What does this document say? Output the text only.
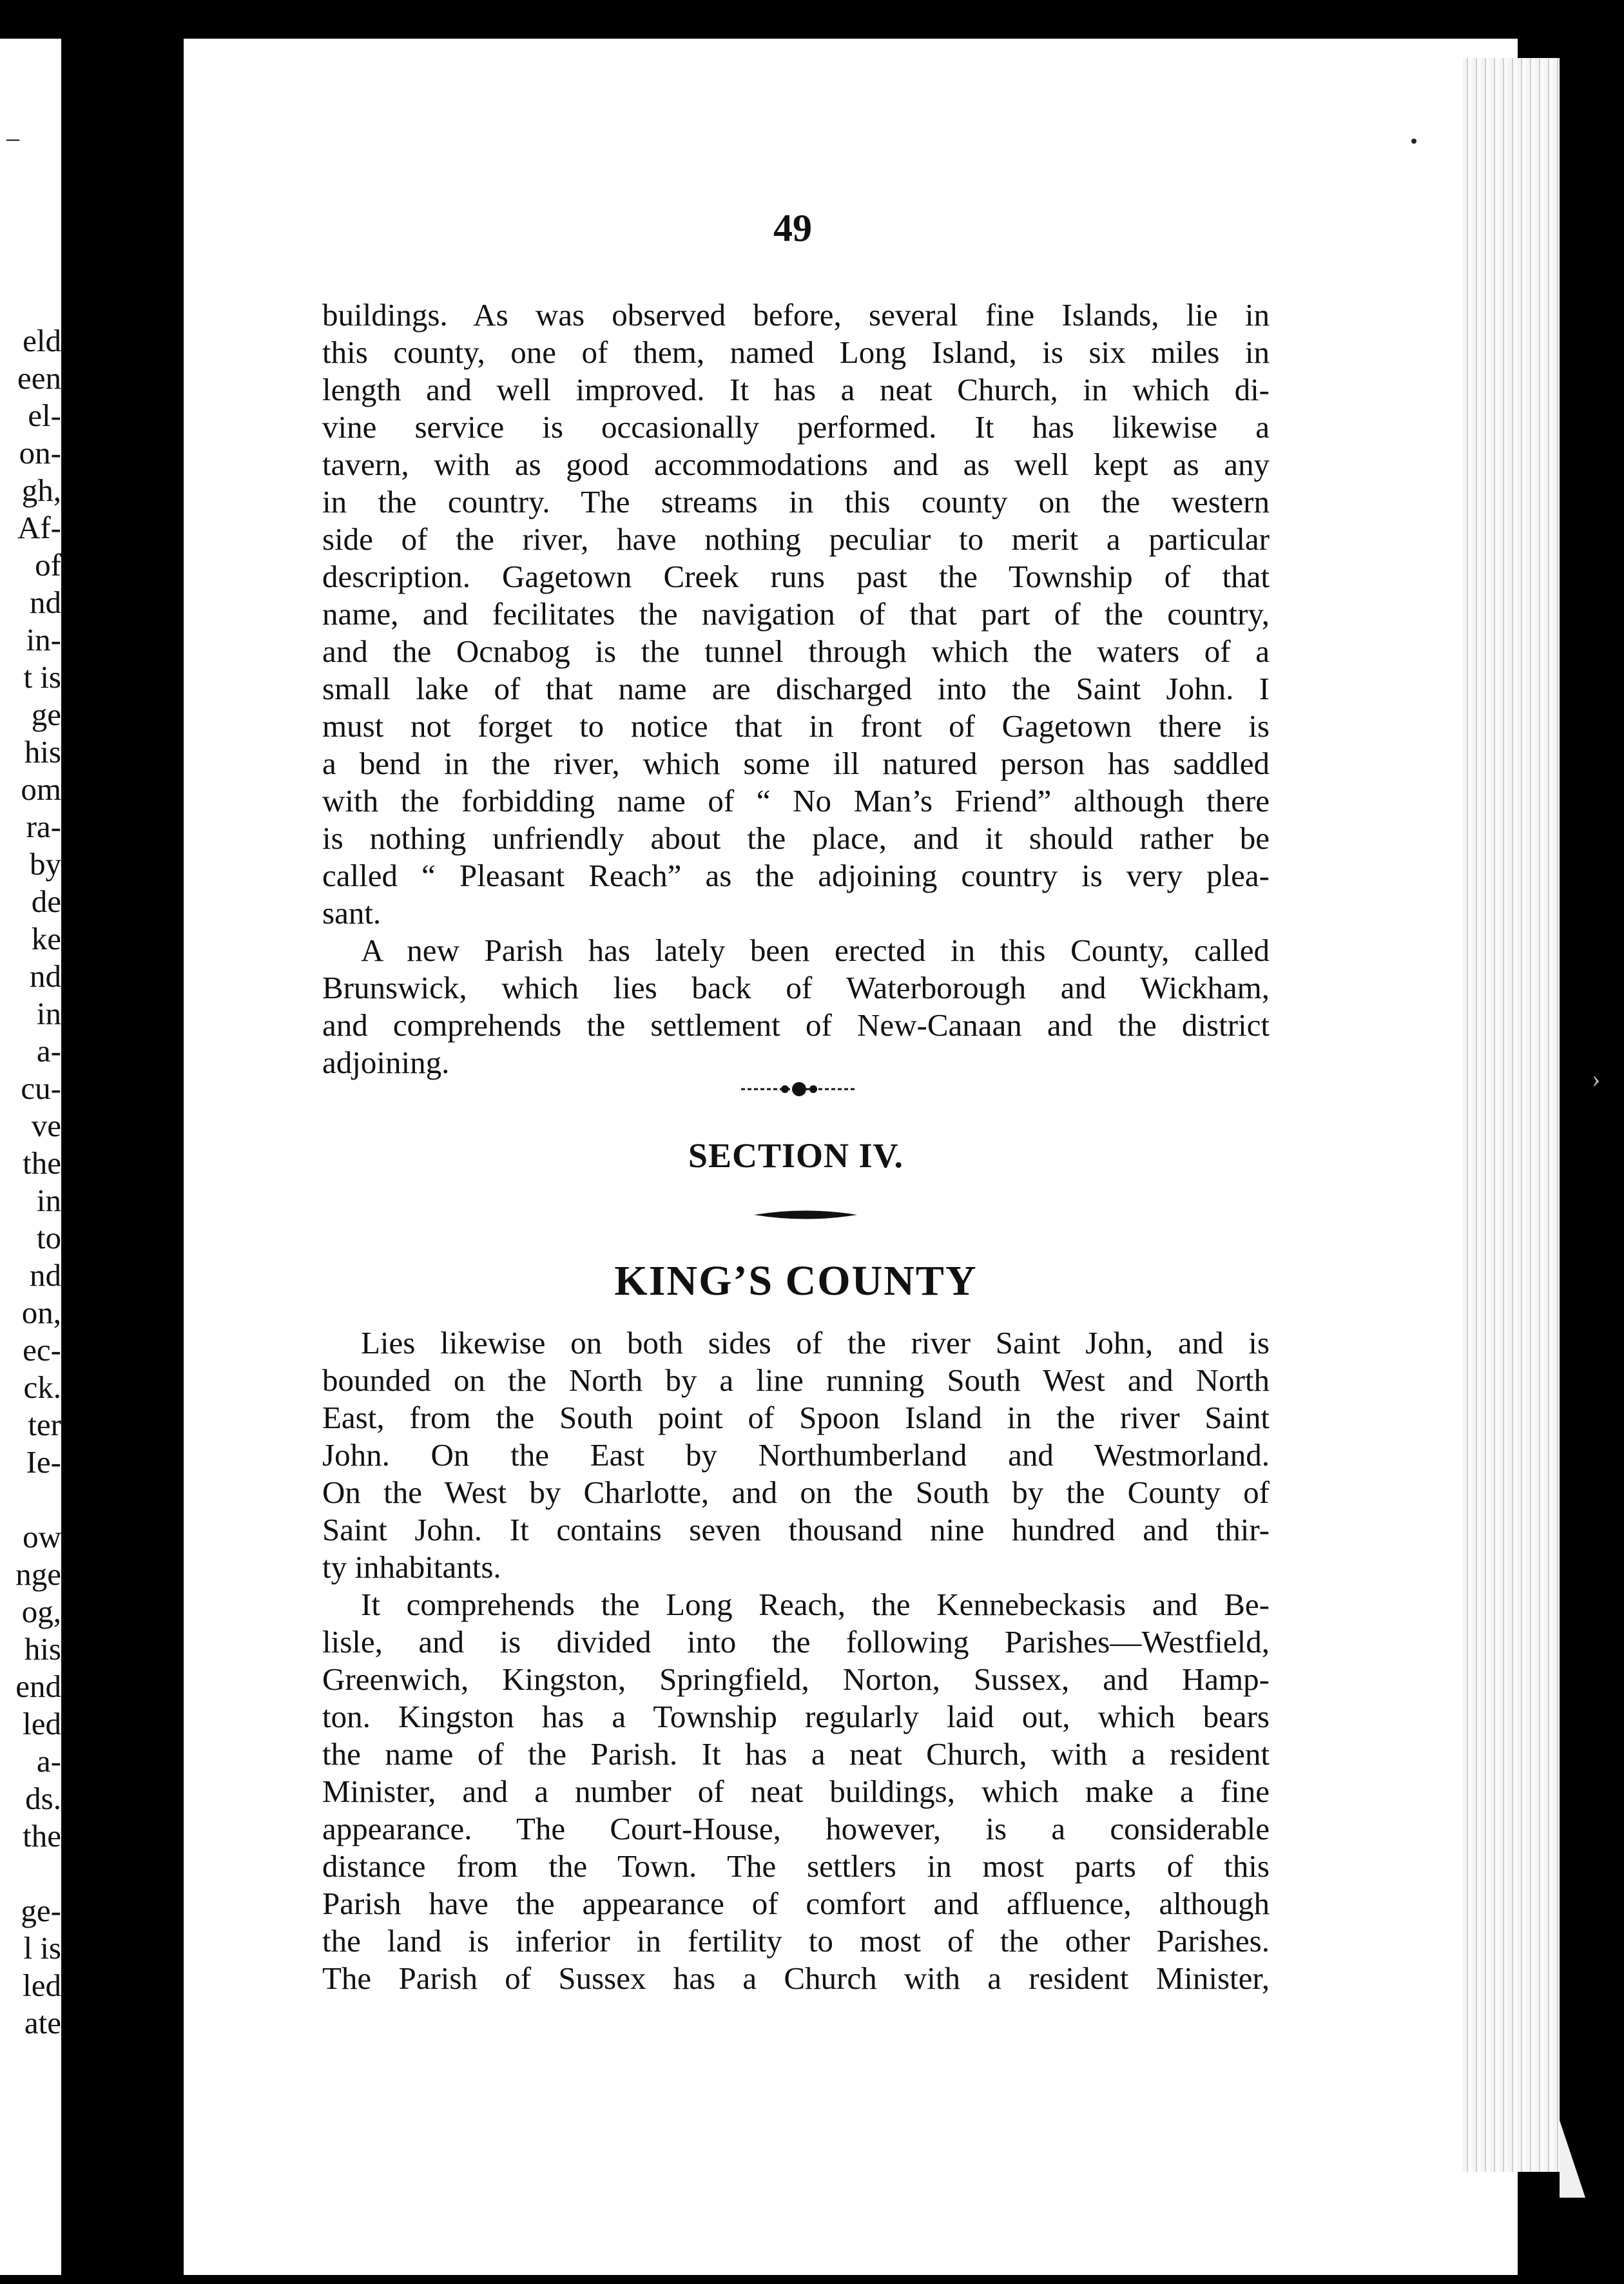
–
eld
een
el-
on-
gh,
Af-
of
nd
in-
t is
ge
his
om
ra-
by
de
ke
nd
in
a-
cu-
ve
the
in
to
nd
on,
ec-
ck.
ter
Ie-
ow
nge
og,
his
end
led
a-
ds.
the
ge-
l is
led
ate
›
49
buildings. As was observed before, several fine Islands, lie in
this county, one of them, named Long Island, is six miles in
length and well improved. It has a neat Church, in which di-
vine service is occasionally performed. It has likewise a
tavern, with as good accommodations and as well kept as any
in the country. The streams in this county on the western
side of the river, have nothing peculiar to merit a particular
description. Gagetown Creek runs past the Township of that
name, and fecilitates the navigation of that part of the country,
and the Ocnabog is the tunnel through which the waters of a
small lake of that name are discharged into the Saint John. I
must not forget to notice that in front of Gagetown there is
a bend in the river, which some ill natured person has saddled
with the forbidding name of “ No Man’s Friend” although there
is nothing unfriendly about the place, and it should rather be
called “ Pleasant Reach” as the adjoining country is very plea-
sant.
A new Parish has lately been erected in this County, called
Brunswick, which lies back of Waterborough and Wickham,
and comprehends the settlement of New-Canaan and the district
adjoining.
SECTION IV.
KING’S COUNTY
Lies likewise on both sides of the river Saint John, and is
bounded on the North by a line running South West and North
East, from the South point of Spoon Island in the river Saint
John. On the East by Northumberland and Westmorland.
On the West by Charlotte, and on the South by the County of
Saint John. It contains seven thousand nine hundred and thir-
ty inhabitants.
It comprehends the Long Reach, the Kennebeckasis and Be-
lisle, and is divided into the following Parishes—Westfield,
Greenwich, Kingston, Springfield, Norton, Sussex, and Hamp-
ton. Kingston has a Township regularly laid out, which bears
the name of the Parish. It has a neat Church, with a resident
Minister, and a number of neat buildings, which make a fine
appearance. The Court-House, however, is a considerable
distance from the Town. The settlers in most parts of this
Parish have the appearance of comfort and affluence, although
the land is inferior in fertility to most of the other Parishes.
The Parish of Sussex has a Church with a resident Minister,
